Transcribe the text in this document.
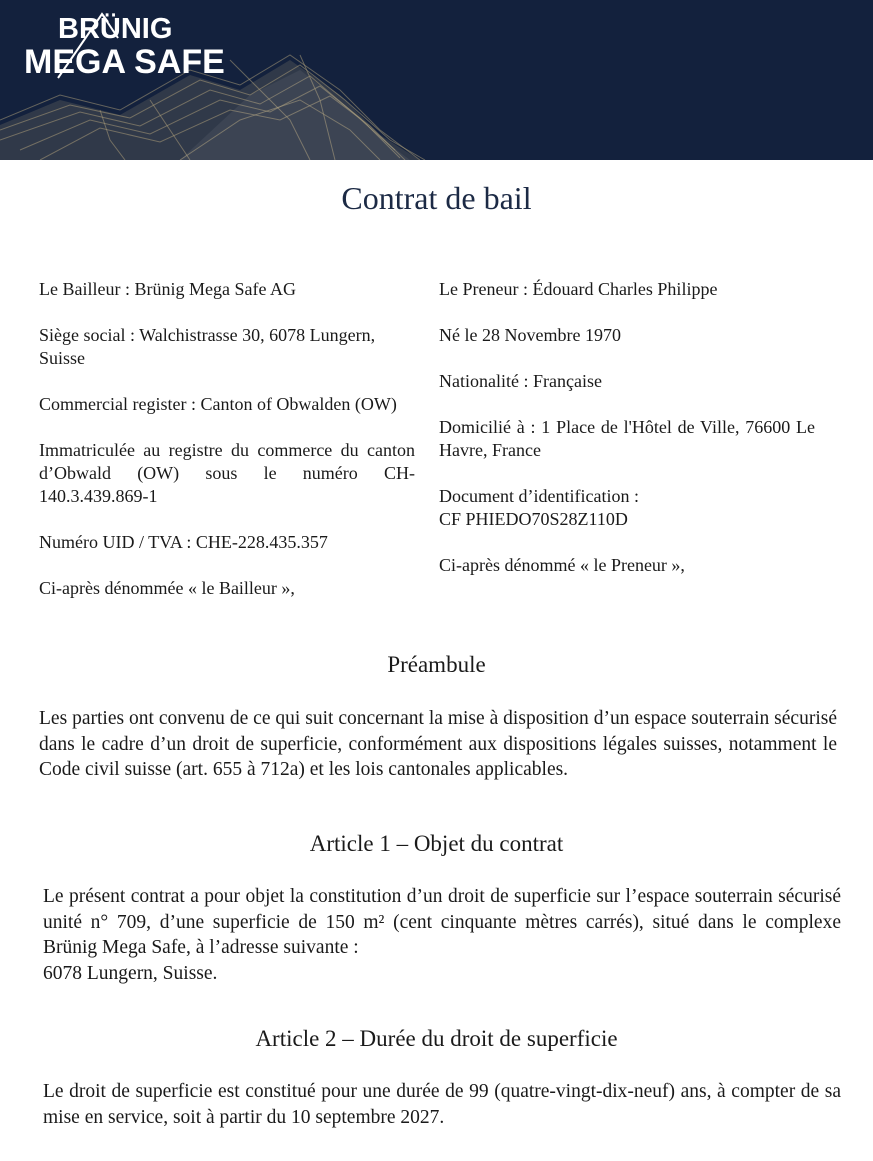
BRÜNIG
MEGA SAFE
Contrat de bail

Le Bailleur : Brünig Mega Safe AG

Siège social : Walchistrasse 30, 6078 Lungern, Suisse

Commercial register : Canton of Obwalden (OW)

Immatriculée au registre du commerce du canton d’Obwald (OW) sous le numéro CH-140.3.439.869-1

Numéro UID / TVA : CHE-228.435.357

Ci-après dénommée « le Bailleur »,

Le Preneur : Édouard Charles Philippe

Né le 28 Novembre 1970

Nationalité : Française

Domicilié à : 1 Place de l'Hôtel de Ville, 76600 Le Havre, France

Document d’identification :
CF PHIEDO70S28Z110D

Ci-après dénommé « le Preneur »,

Préambule

Les parties ont convenu de ce qui suit concernant la mise à disposition d’un espace souterrain sécurisé dans le cadre d’un droit de superficie, conformément aux dispositions légales suisses, notamment le Code civil suisse (art. 655 à 712a) et les lois cantonales applicables.

Article 1 – Objet du contrat
Le présent contrat a pour objet la constitution d’un droit de superficie sur l’espace souterrain sécurisé unité n° 709, d’une superficie de 150 m² (cent cinquante mètres carrés), situé dans le complexe Brünig Mega Safe, à l’adresse suivante :
6078 Lungern, Suisse.
Article 2 – Durée du droit de superficie

Le droit de superficie est constitué pour une durée de 99 (quatre-vingt-dix-neuf) ans, à compter de sa mise en service, soit à partir du 10 septembre 2027.
